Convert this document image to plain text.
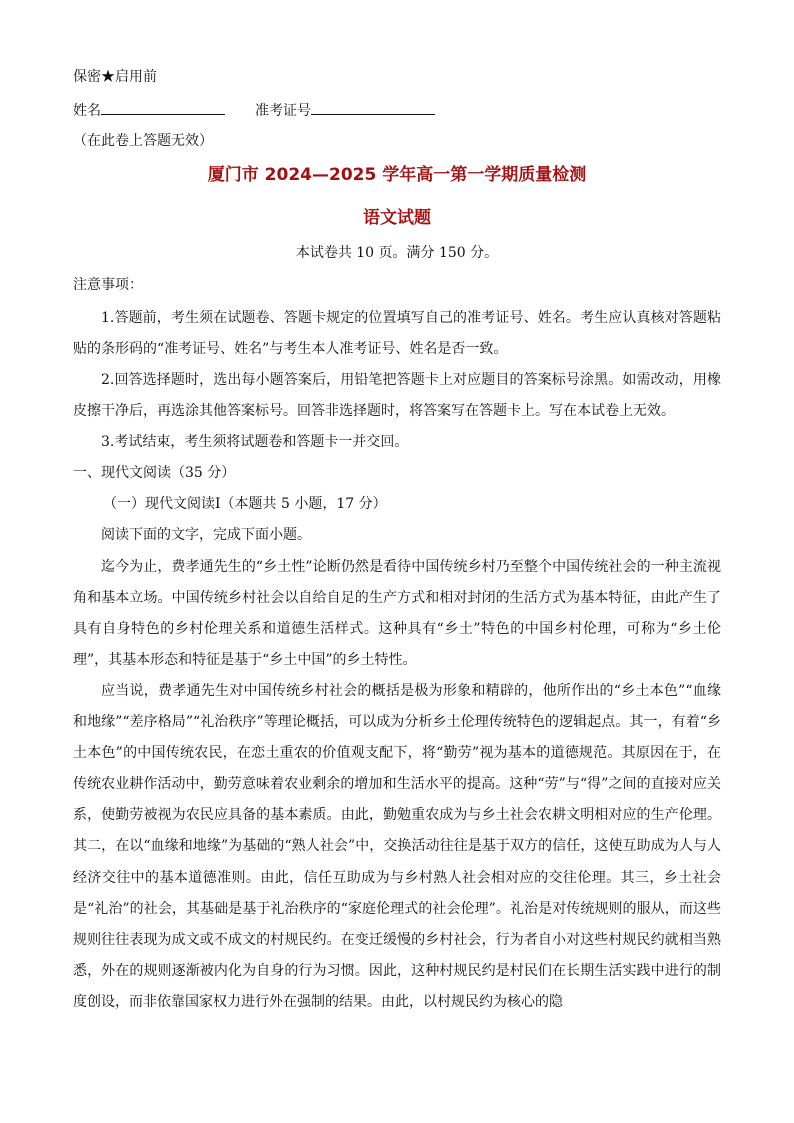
保密★启用前
姓名	准考证号
（在此卷上答题无效）
厦门市 2024—2025 学年高一第一学期质量检测
语文试题
本试卷共 10 页。满分 150 分。
注意事项：
1.答题前，考生须在试题卷、答题卡规定的位置填写自己的准考证号、姓名。考生应认真核对答题粘贴的条形码的“准考证号、姓名”与考生本人准考证号、姓名是否一致。
2.回答选择题时，选出每小题答案后，用铅笔把答题卡上对应题目的答案标号涂黑。如需改动，用橡皮擦干净后，再选涂其他答案标号。回答非选择题时，将答案写在答题卡上。写在本试卷上无效。
3.考试结束，考生须将试题卷和答题卡一并交回。
一、现代文阅读（35 分）
（一）现代文阅读Ⅰ（本题共 5 小题，17 分）
阅读下面的文字，完成下面小题。
迄今为止，费孝通先生的“乡土性”论断仍然是看待中国传统乡村乃至整个中国传统社会的一种主流视角和基本立场。中国传统乡村社会以自给自足的生产方式和相对封闭的生活方式为基本特征，由此产生了具有自身特色的乡村伦理关系和道德生活样式。这种具有“乡土”特色的中国乡村伦理，可称为“乡土伦理”，其基本形态和特征是基于“乡土中国”的乡土特性。
应当说，费孝通先生对中国传统乡村社会的概括是极为形象和精辟的，他所作出的“乡土本色”“血缘和地缘”“差序格局”“礼治秩序”等理论概括，可以成为分析乡土伦理传统特色的逻辑起点。其一，有着“乡土本色”的中国传统农民，在恋土重农的价值观支配下，将“勤劳”视为基本的道德规范。其原因在于，在传统农业耕作活动中，勤劳意味着农业剩余的增加和生活水平的提高。这种“劳”与“得”之间的直接对应关系，使勤劳被视为农民应具备的基本素质。由此，勤勉重农成为与乡土社会农耕文明相对应的生产伦理。其二，在以“血缘和地缘”为基础的“熟人社会”中，交换活动往往是基于双方的信任，这使互助成为人与人经济交往中的基本道德准则。由此，信任互助成为与乡村熟人社会相对应的交往伦理。其三，乡土社会是“礼治”的社会，其基础是基于礼治秩序的“家庭伦理式的社会伦理”。礼治是对传统规则的服从，而这些规则往往表现为成文或不成文的村规民约。在变迁缓慢的乡村社会，行为者自小对这些村规民约就相当熟悉，外在的规则逐渐被内化为自身的行为习惯。因此，这种村规民约是村民们在长期生活实践中进行的制度创设，而非依靠国家权力进行外在强制的结果。由此，以村规民约为核心的隐
